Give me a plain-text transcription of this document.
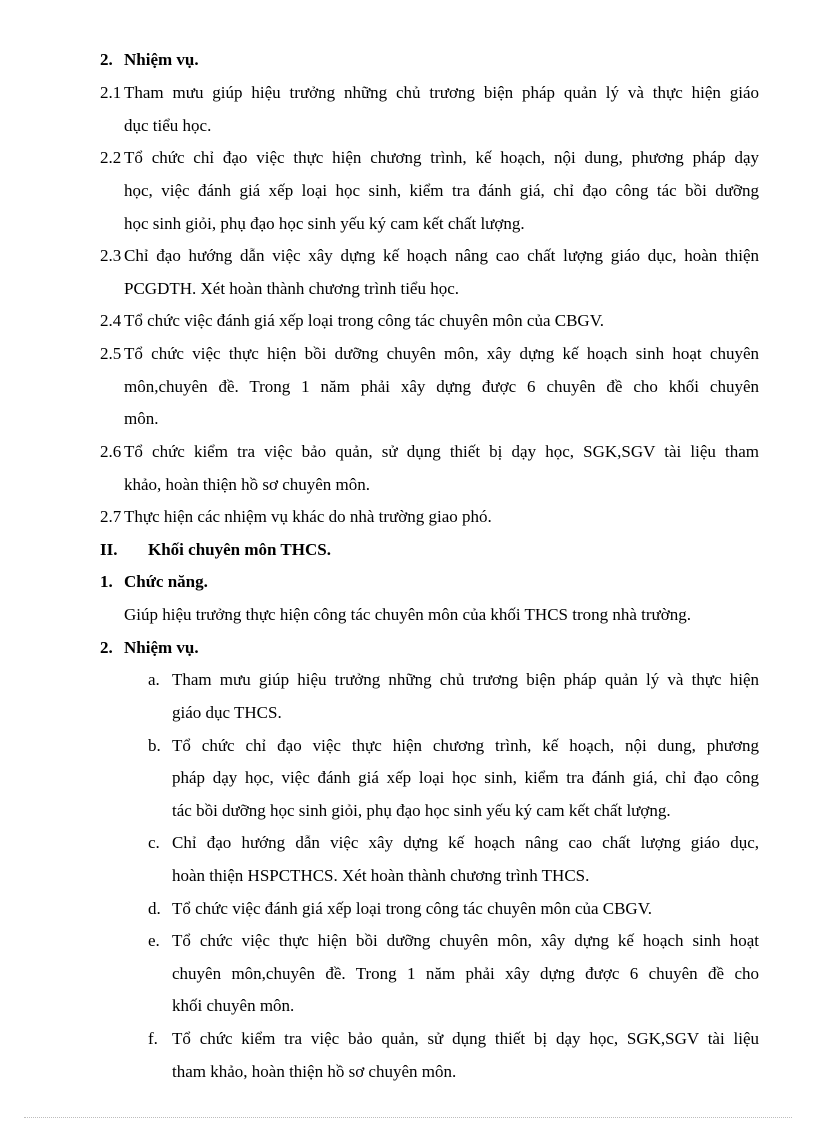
2. Nhiệm vụ.
2.1 Tham mưu giúp hiệu trưởng những chủ trương biện pháp quản lý và thực hiện giáo
dục tiểu học.
2.2 Tổ chức chỉ đạo việc thực hiện chương trình, kế hoạch, nội dung, phương pháp dạy
học, việc đánh giá xếp loại học sinh, kiểm tra đánh giá, chỉ đạo công tác bồi dưỡng
học sinh giỏi, phụ đạo học sinh yếu ký cam kết chất lượng.
2.3 Chỉ đạo hướng dẫn việc xây dựng kế hoạch nâng cao chất lượng giáo dục, hoàn thiện
PCGDTH. Xét hoàn thành chương trình tiểu học.
2.4 Tổ chức việc đánh giá xếp loại trong công tác chuyên môn của CBGV.
2.5 Tổ chức việc thực hiện bồi dưỡng chuyên môn, xây dựng kế hoạch sinh hoạt chuyên
môn,chuyên đề. Trong 1 năm phải xây dựng được 6 chuyên đề cho khối chuyên
môn.
2.6 Tổ chức kiểm tra việc bảo quản, sử dụng thiết bị dạy học, SGK,SGV tài liệu tham
khảo, hoàn thiện hồ sơ chuyên môn.
2.7 Thực hiện các nhiệm vụ khác do nhà trường giao phó.
II. Khối chuyên môn THCS.
1. Chức năng.
Giúp hiệu trưởng thực hiện công tác chuyên môn của khối THCS trong nhà trường.
2. Nhiệm vụ.
a. Tham mưu giúp hiệu trưởng những chủ trương biện pháp quản lý và thực hiện
giáo dục THCS.
b. Tổ chức chỉ đạo việc thực hiện chương trình, kế hoạch, nội dung, phương
pháp dạy học, việc đánh giá xếp loại học sinh, kiểm tra đánh giá, chỉ đạo công
tác bồi dưỡng học sinh giỏi, phụ đạo học sinh yếu ký cam kết chất lượng.
c. Chỉ đạo hướng dẫn việc xây dựng kế hoạch nâng cao chất lượng giáo dục,
hoàn thiện HSPCTHCS. Xét hoàn thành chương trình THCS.
d. Tổ chức việc đánh giá xếp loại trong công tác chuyên môn của CBGV.
e. Tổ chức việc thực hiện bồi dưỡng chuyên môn, xây dựng kế hoạch sinh hoạt
chuyên môn,chuyên đề. Trong 1 năm phải xây dựng được 6 chuyên đề cho
khối chuyên môn.
f. Tổ chức kiểm tra việc bảo quản, sử dụng thiết bị dạy học, SGK,SGV tài liệu
tham khảo, hoàn thiện hồ sơ chuyên môn.
